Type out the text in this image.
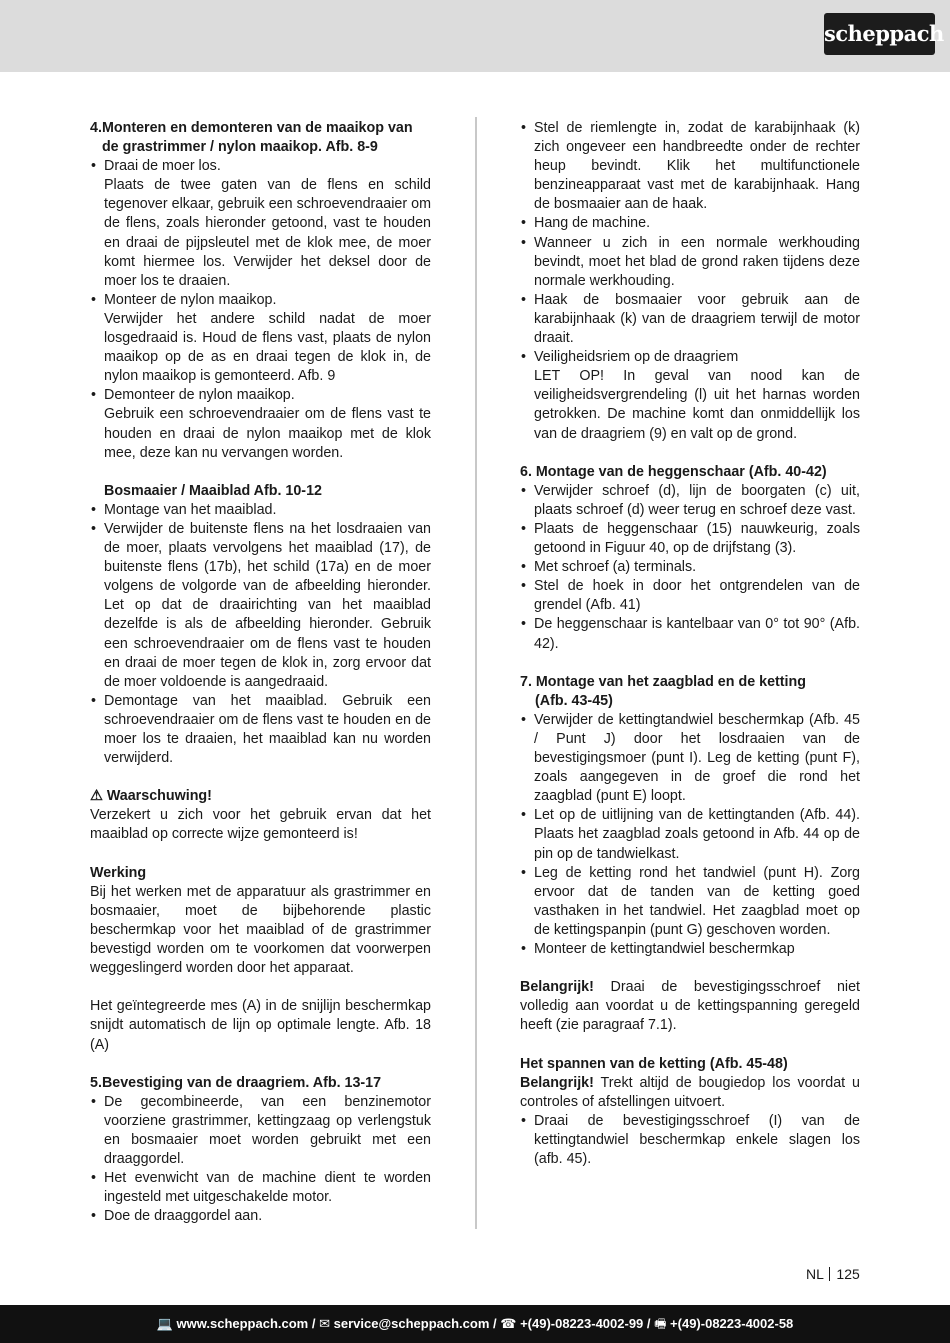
scheppach
4. Monteren en demonteren van de maaikop van de grastrimmer / nylon maaikop. Afb. 8-9

• Draai de moer los.

Plaats de twee gaten van de flens en schild tegenover elkaar, gebruik een schroevendraaier om de flens, zoals hieronder getoond, vast te houden en draai de pijpsleutel met de klok mee, de moer komt hiermee los. Verwijder het deksel door de moer los te draaien.

• Monteer de nylon maaikop.

Verwijder het andere schild nadat de moer losgedraaid is. Houd de flens vast, plaats de nylon maaikop op de as en draai tegen de klok in, de nylon maaikop is gemonteerd. Afb. 9

• Demonteer de nylon maaikop.

Gebruik een schroevendraaier om de flens vast te houden en draai de nylon maaikop met de klok mee, deze kan nu vervangen worden.

Bosmaaier / Maaiblad Afb. 10-12

• Montage van het maaiblad.

• Verwijder de buitenste flens na het losdraaien van de moer, plaats vervolgens het maaiblad (17), de buitenste flens (17b), het schild (17a) en de moer volgens de volgorde van de afbeelding hieronder. Let op dat de draairichting van het maaiblad dezelfde is als de afbeelding hieronder. Gebruik een schroevendraaier om de flens vast te houden en draai de moer tegen de klok in, zorg ervoor dat de moer voldoende is aangedraaid.

• Demontage van het maaiblad. Gebruik een schroevendraaier om de flens vast te houden en de moer los te draaien, het maaiblad kan nu worden verwijderd.

⚠ Waarschuwing!

Verzekert u zich voor het gebruik ervan dat het maaiblad op correcte wijze gemonteerd is!

Werking

Bij het werken met de apparatuur als grastrimmer en bosmaaier, moet de bijbehorende plastic beschermkap voor het maaiblad of de grastrimmer bevestigd worden om te voorkomen dat voorwerpen weggeslingerd worden door het apparaat.

Het geïntegreerde mes (A) in de snijlijn beschermkap snijdt automatisch de lijn op optimale lengte. Afb. 18 (A)

5. Bevestiging van de draagriem. Afb. 13-17

• De gecombineerde, van een benzinemotor voorziene grastrimmer, kettingzaag op verlengstuk en bosmaaier moet worden gebruikt met een draaggordel.

• Het evenwicht van de machine dient te worden ingesteld met uitgeschakelde motor.

• Doe de draaggordel aan.

• Stel de riemlengte in, zodat de karabijnhaak (k) zich ongeveer een handbreedte onder de rechter heup bevindt. Klik het multifunctionele benzineapparaat vast met de karabijnhaak. Hang de bosmaaier aan de haak.

• Hang de machine.

• Wanneer u zich in een normale werkhouding bevindt, moet het blad de grond raken tijdens deze normale werkhouding.

• Haak de bosmaaier voor gebruik aan de karabijnhaak (k) van de draagriem terwijl de motor draait.

• Veiligheidsriem op de draagriem

LET OP! In geval van nood kan de veiligheidsvergrendeling (l) uit het harnas worden getrokken. De machine komt dan onmiddellijk los van de draagriem (9) en valt op de grond.

6. Montage van de heggenschaar (Afb. 40-42)

• Verwijder schroef (d), lijn de boorgaten (c) uit, plaats schroef (d) weer terug en schroef deze vast.

• Plaats de heggenschaar (15) nauwkeurig, zoals getoond in Figuur 40, op de drijfstang (3).

• Met schroef (a) terminals.

• Stel de hoek in door het ontgrendelen van de grendel (Afb. 41)

• De heggenschaar is kantelbaar van 0° tot 90° (Afb. 42).

7. Montage van het zaagblad en de ketting

(Afb. 43-45)

• Verwijder de kettingtandwiel beschermkap (Afb. 45 / Punt J) door het losdraaien van de bevestigingsmoer (punt I). Leg de ketting (punt F), zoals aangegeven in de groef die rond het zaagblad (punt E) loopt.

• Let op de uitlijning van de kettingtanden (Afb. 44). Plaats het zaagblad zoals getoond in Afb. 44 op de pin op de tandwielkast.

• Leg de ketting rond het tandwiel (punt H). Zorg ervoor dat de tanden van de ketting goed vasthaken in het tandwiel. Het zaagblad moet op de kettingspanpin (punt G) geschoven worden.

• Monteer de kettingtandwiel beschermkap

Belangrijk! Draai de bevestigingsschroef niet volledig aan voordat u de kettingspanning geregeld heeft (zie paragraaf 7.1).

Het spannen van de ketting (Afb. 45-48)

Belangrijk! Trekt altijd de bougiedop los voordat u controles of afstellingen uitvoert.

• Draai de bevestigingsschroef (I) van de kettingtandwiel beschermkap enkele slagen los (afb. 45).

NL 125
💻 www.scheppach.com / ✉ service@scheppach.com / ☎ +(49)-08223-4002-99 / 🖷 +(49)-08223-4002-58
